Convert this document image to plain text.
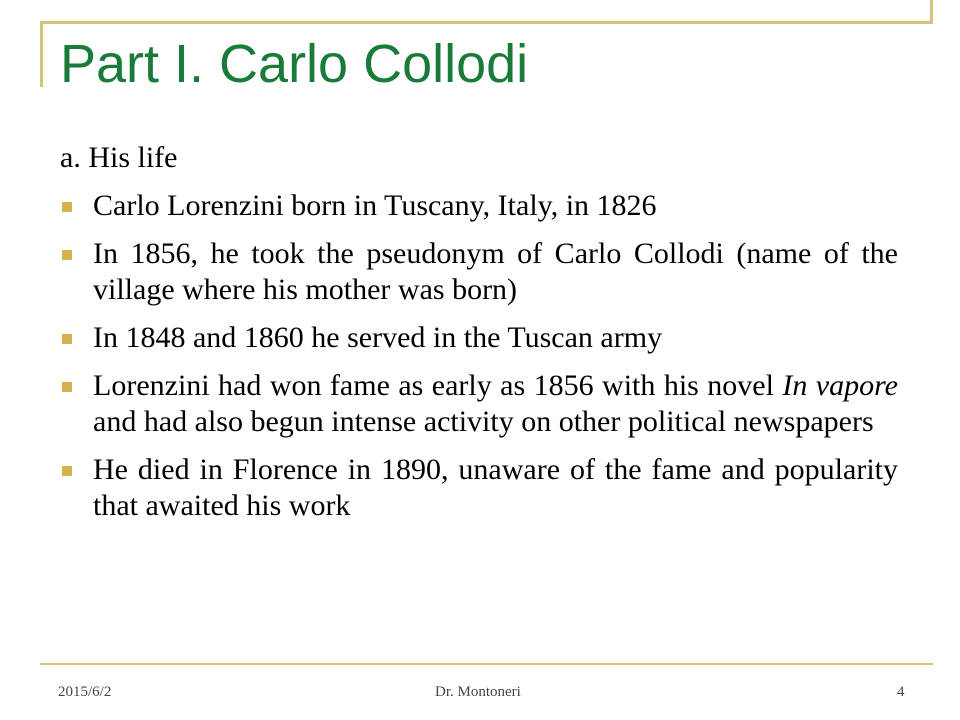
Part I. Carlo Collodi
a. His life
Carlo Lorenzini born in Tuscany, Italy, in 1826
In 1856, he took the pseudonym of Carlo Collodi (name of the village where his mother was born)
In 1848 and 1860 he served in the Tuscan army
Lorenzini had won fame as early as 1856 with his novel In vapore and had also begun intense activity on other political newspapers
He died in Florence in 1890, unaware of the fame and popularity that awaited his work
2015/6/2	Dr. Montoneri	4
